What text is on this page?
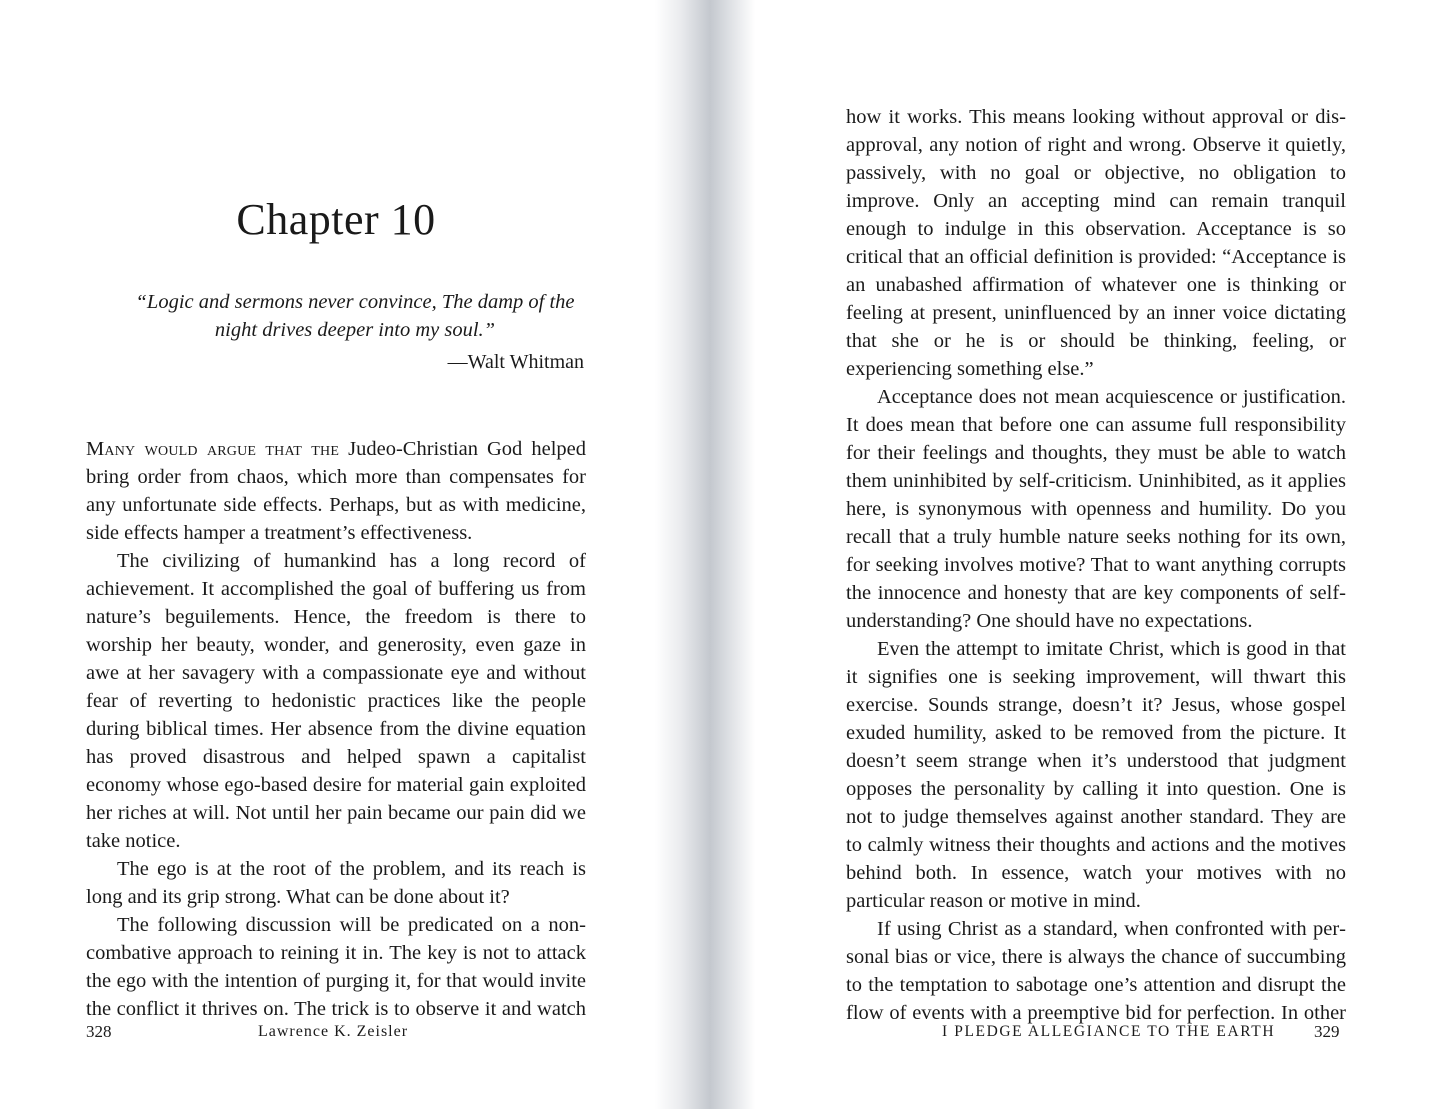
Chapter 10

“Logic and sermons never convince, The damp of the night drives deeper into my soul.”

—Walt Whitman

Many would argue that the Judeo-Christian God helped bring order from chaos, which more than compensates for any unfortunate side effects. Perhaps, but as with medicine, side effects hamper a treatment’s effectiveness.

The civilizing of humankind has a long record of achievement. It accomplished the goal of buffering us from nature’s beguilements. Hence, the freedom is there to worship her beauty, wonder, and generosity, even gaze in awe at her savagery with a compassionate eye and without fear of reverting to hedonistic practices like the people during biblical times. Her absence from the divine equation has proved disastrous and helped spawn a capitalist economy whose ego-based desire for material gain exploited her riches at will. Not until her pain became our pain did we take notice.

The ego is at the root of the problem, and its reach is long and its grip strong. What can be done about it?

The following discussion will be predicated on a noncombative approach to reining it in. The key is not to attack the ego with the intention of purging it, for that would invite the conflict it thrives on. The trick is to observe it and watch

328	Lawrence K. Zeisler

how it works. This means looking without approval or disapproval, any notion of right and wrong. Observe it quietly, passively, with no goal or objective, no obligation to improve. Only an accepting mind can remain tranquil enough to indulge in this observation. Acceptance is so critical that an official definition is provided: “Acceptance is an unabashed affirmation of whatever one is thinking or feeling at present, uninfluenced by an inner voice dictating that she or he is or should be thinking, feeling, or experiencing something else.”

Acceptance does not mean acquiescence or justification. It does mean that before one can assume full responsibility for their feelings and thoughts, they must be able to watch them uninhibited by self-criticism. Uninhibited, as it applies here, is synonymous with openness and humility. Do you recall that a truly humble nature seeks nothing for its own, for seeking involves motive? That to want anything corrupts the innocence and honesty that are key components of self-understanding? One should have no expectations.

Even the attempt to imitate Christ, which is good in that it signifies one is seeking improvement, will thwart this exercise. Sounds strange, doesn’t it? Jesus, whose gospel exuded humility, asked to be removed from the picture. It doesn’t seem strange when it’s understood that judgment opposes the personality by calling it into question. One is not to judge themselves against another standard. They are to calmly witness their thoughts and actions and the motives behind both. In essence, watch your motives with no particular reason or motive in mind.

If using Christ as a standard, when confronted with personal bias or vice, there is always the chance of succumbing to the temptation to sabotage one’s attention and disrupt the flow of events with a preemptive bid for perfection. In other

I PLEDGE ALLEGIANCE TO THE EARTH 329
